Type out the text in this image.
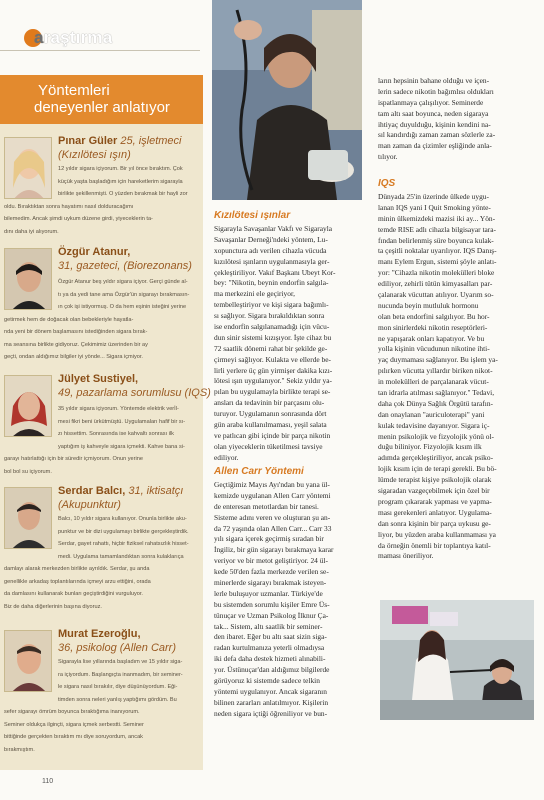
araştırma
Yöntemleri
deneyenler anlatıyor
Pınar Güler 25, işletmeci
(Kızılötesi ışın)
12 yıldır sigara içiyorum. Bir yıl önce bıraktım. Çok
küçük yaşta başladığım için hareketlerim sigarayla
birlikte şekillenmişti. O yüzden bırakmak bir hayli zor
oldu. Bıraktıktan sonra hayatımı nasıl dolduracağımı
bilemedim. Ancak şimdi uykum düzene girdi, yiyeceklerin ta-
dını daha iyi alıyorum.
Özgür Atanur,
31, gazeteci, (Biorezonans)
Özgür Atanur beş yıldır sigara içiyor. Gerçi günde al-
tı ya da yedi tane ama Özgür'ün sigarayı bırakmasın-
ın çok işi istiyormuş. O da hem eşinin isteğini yerine
getirmek hem de doğacak olan bebekleriyle hayatla-
nda yeni bir dönem başlamasını istediğinden sigara bırak-
ma seansına birlikte gidiyoruz. Çekimimiz üzerinden bir ay
geçti, ondan aldığımız bilgiler iyi yönde... Sigara içmiyor.
Jülyet Sustiyel,
49, pazarlama sorumlusu (IQS)
35 yıldır sigara içiyorum. Yöntemde elektrik verİl-
mesi fikri beni ürkütmüştü. Uygulamaları hafif bir sı-
zı hissettim. Sonrasında ise kahvaltı sonrası ilk
yaptığım iş kahveyle sigara içmekti. Kahve bana si-
garayı hatırlattığı için bir süredir içmiyorum. Onun yerine
bol bol su içiyorum.
Serdar Balcı, 31, iktisatçı
(Akupunktur)
Balcı, 10 yıldır sigara kullanıyor. Onunla birlikte aku-
punktur ve bir dizi uygulamayı birlikte gerçekleştirdik.
Serdar, gayet rahattı, hiçbir fiziksel rahatsızlık hisset-
medi. Uygulama tamamlandıktan sonra kulaklarıça
damlayı alarak merkezden birlikte ayrıldık. Serdar, şu anda
genellikle arkadaş toplantılarında içmeyi arzu ettiğini, orada
da damlasını kullanarak bunları geçiştirdiğini vurguluyor.
Biz de daha diğerlerinin başına diyoruz.
Murat Ezeroğlu,
36, psikolog (Allen Carr)
Sigarayla lise yıllarında başladım ve 15 yıldır siga-
ra içiyordum. Başlangıçta inanmadım, bir seminer-
le sigara nasıl bırakılır, diye düşünüyordum. Eği-
timden sonra neleri yanlış yaptığımı gördüm. Bu
sefer sigarayı ömrüm boyunca bıraktığıma inanıyorum.
Seminer oldukça ilginçti, sigara içmek serbestti. Seminer
bittiğinde gerçekten bıraktım mı diye soruyordum, ancak
bırakmıştım.
Kızılötesi ışınlar
Sigarayla Savaşanlar Vakfı ve Sigarayla
Savaşanlar Derneği'ndeki yöntem, Lu-
xopunctura adı verilen cihazla vücuda
kızılötesi ışınların uygulanmasıyla ger-
çekleştiriliyor. Vakıf Başkanı Ubeyt Kor-
bey: "Nikotin, beynin endorfin salgıla-
ma merkezini ele geçiriyor,
tembelleştiriyor ve kişi sigara bağımlı-
sı sağlıyor. Sigara bırakıldıktan sonra
ise endorfin salgılanamadığı için vücu-
dun sinir sistemi kızışıyor. İşte cihaz bu
72 saatlik dönemi rahat bir şekilde ge-
çirmeyi sağlıyor. Kulakta ve ellerde be-
lirli yerlere üç gün yirmişer dakika kızı-
lötesi ışın uygulanıyor." Sekiz yıldır ya-
pılan bu uygulamayla birlikte terapi se-
ansları da tedavinin bir parçasını olu-
turuyor. Uygulamanın sonrasında dört
gün araba kullanılmaması, yeşil salata
ve patlıcan gibi içinde bir parça nikotin
olan yiyeceklerin tüketilmesi tavsiye
ediliyor.
Allen Carr Yöntemi
Geçtiğimiz Mayıs Ayı'ndan bu yana ül-
kemizde uygulanan Allen Carr yöntemi
de enteresan metotlardan bir tanesi.
Sisteme adını veren ve oluşturan şu an-
da 72 yaşında olan Allen Carr... Carr 33
yılı sigara içerek geçirmiş sıradan bir
İngiliz, bir gün sigarayı bırakmaya karar
veriyor ve bir metot geliştiriyor. 24 ül-
kede 50'den fazla merkezde verilen se-
minerlerde sigarayı bırakmak isteyen-
lerle buluşuyor uzmanlar. Türkiye'de
bu sistemden sorumlu kişiler Emre Üs-
tünuçar ve Uzman Psikolog İlknur Ça-
tak... Sistem, altı saatlik bir seminer-
den ibaret. Eğer bu altı saat sizin siga-
radan kurtulmanıza yeterli olmadıysa
iki defa daha destek hizmeti alınabili-
yor. Üstünuçar'dan aldığımız bilgilerde
görüyoruz ki sistemde sadece telkin
yöntemi uygulanıyor. Ancak sigaranın
bilinen zararları anlatılmıyor. Kişilerin
neden sigara içtiği öğreniliyor ve bun-
ların hepsinin bahane olduğu ve içen-
lerin sadece nikotin bağımlısı oldukları
ispatlanmaya çalışılıyor. Seminerde
tam altı saat boyunca, neden sigaraya
ihtiyaç duyulduğu, kişinin kendini na-
sıl kandırdığı zaman zaman sözlerle za-
man zaman da çizimler eşliğinde anla-
tılıyor.
IQS
Dünyada 25'in üzerinde ülkede uygu-
lanan IQS yani I Quit Smoking yönte-
minin ülkemizdeki mazisi iki ay... Yön-
temde RISE adlı cihazla bilgisayar tara-
fından belirlenmiş süre boyunca kulak-
ta çeşitli noktalar uyarılıyor. IQS Danış-
manı Eylem Ergun, sistemi şöyle anlatı-
yor: "Cihazla nikotin molekülleri bloke
ediliyor, zehirli tütün kimyasalları par-
çalanarak vücuttan atılıyor. Uyarım so-
nucunda beyin mutluluk hormonu
olan beta endorfini salgılıyor. Bu hor-
mon sinirlerdeki nikotin reseptörleri-
ne yapışarak onları kapatıyor. Ve bu
yolla kişinin vücudunun nikotine ihti-
yaç duymaması sağlanıyor. Bu işlem ya-
pılırken vücutta yıllardır biriken nikot-
in molekülleri de parçalanarak vücut-
tan idrarla atılması sağlanıyor." Tedavi,
daha çok Dünya Sağlık Örgütü tarafın-
dan onaylanan "auriculoterapi" yani
kulak tedavisine dayanıyor. Sigara iç-
menin psikolojik ve fizyolojik yönü ol-
duğu biliniyor. Fizyolojik kısım ilk
adımda gerçekleştiriliyor, ancak psiko-
lojik kısım için de terapi gerekli. Bu bö-
lümde terapist kişiye psikolojik olarak
sigaradan vazgeçebilmek için özel bir
program çıkararak yapması ve yapma-
ması gerekenleri anlatıyor. Uygulama-
dan sonra kişinin bir parça uykusu ge-
liyor, bu yüzden araba kullanmaması ya
da örneğin önemli bir toplantıya katıl-
maması öneriliyor.
110
